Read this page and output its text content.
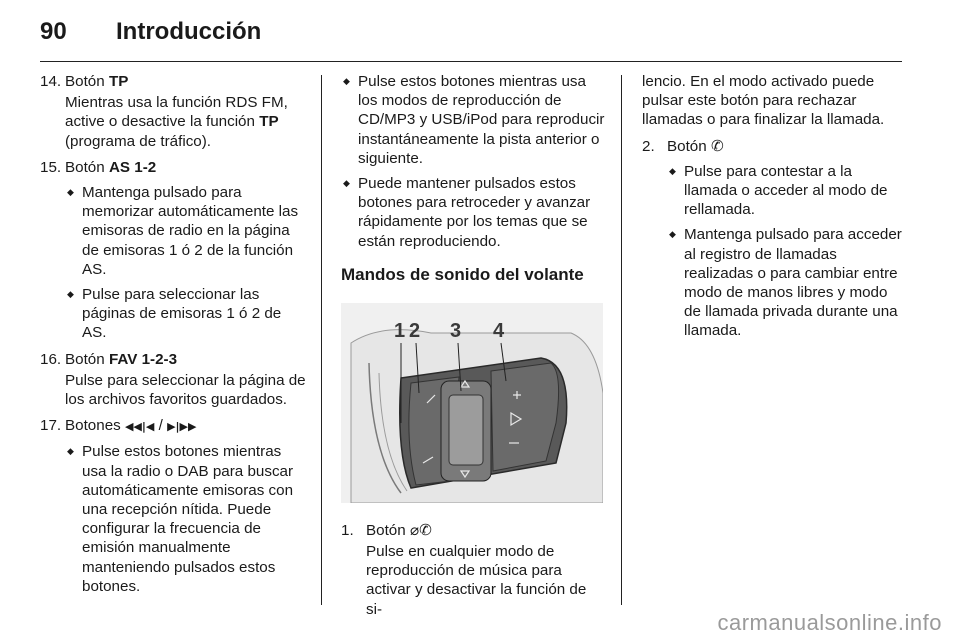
90 Introducción
14. Botón TP
Mientras usa la función RDS FM, active o desactive la función TP (programa de tráfico).
15. Botón AS 1-2
◆ Mantenga pulsado para memorizar automáticamente las emisoras de radio en la página de emisoras 1 ó 2 de la función AS.
◆ Pulse para seleccionar las páginas de emisoras 1 ó 2 de AS.
16. Botón FAV 1-2-3
Pulse para seleccionar la página de los archivos favoritos guardados.
17. Botones ◀◀|◀ / ▶|▶▶
◆ Pulse estos botones mientras usa la radio o DAB para buscar automáticamente emisoras con una recepción nítida. Puede configurar la frecuencia de emisión manualmente manteniendo pulsados estos botones.
◆ Pulse estos botones mientras usa los modos de reproducción de CD/MP3 y USB/iPod para reproducir instantáneamente la pista anterior o siguiente.
◆ Puede mantener pulsados estos botones para retroceder y avanzar rápidamente por los temas que se están reproduciendo.
Mandos de sonido del volante
1 2 3 4
1. Botón ⌀✆
Pulse en cualquier modo de reproducción de música para activar y desactivar la función de si-
lencio. En el modo activado puede pulsar este botón para rechazar llamadas o para finalizar la llamada.
2. Botón ✆
◆ Pulse para contestar a la llamada o acceder al modo de rellamada.
◆ Mantenga pulsado para acceder al registro de llamadas realizadas o para cambiar entre modo de manos libres y modo de llamada privada durante una llamada.
carmanualsonline.info
